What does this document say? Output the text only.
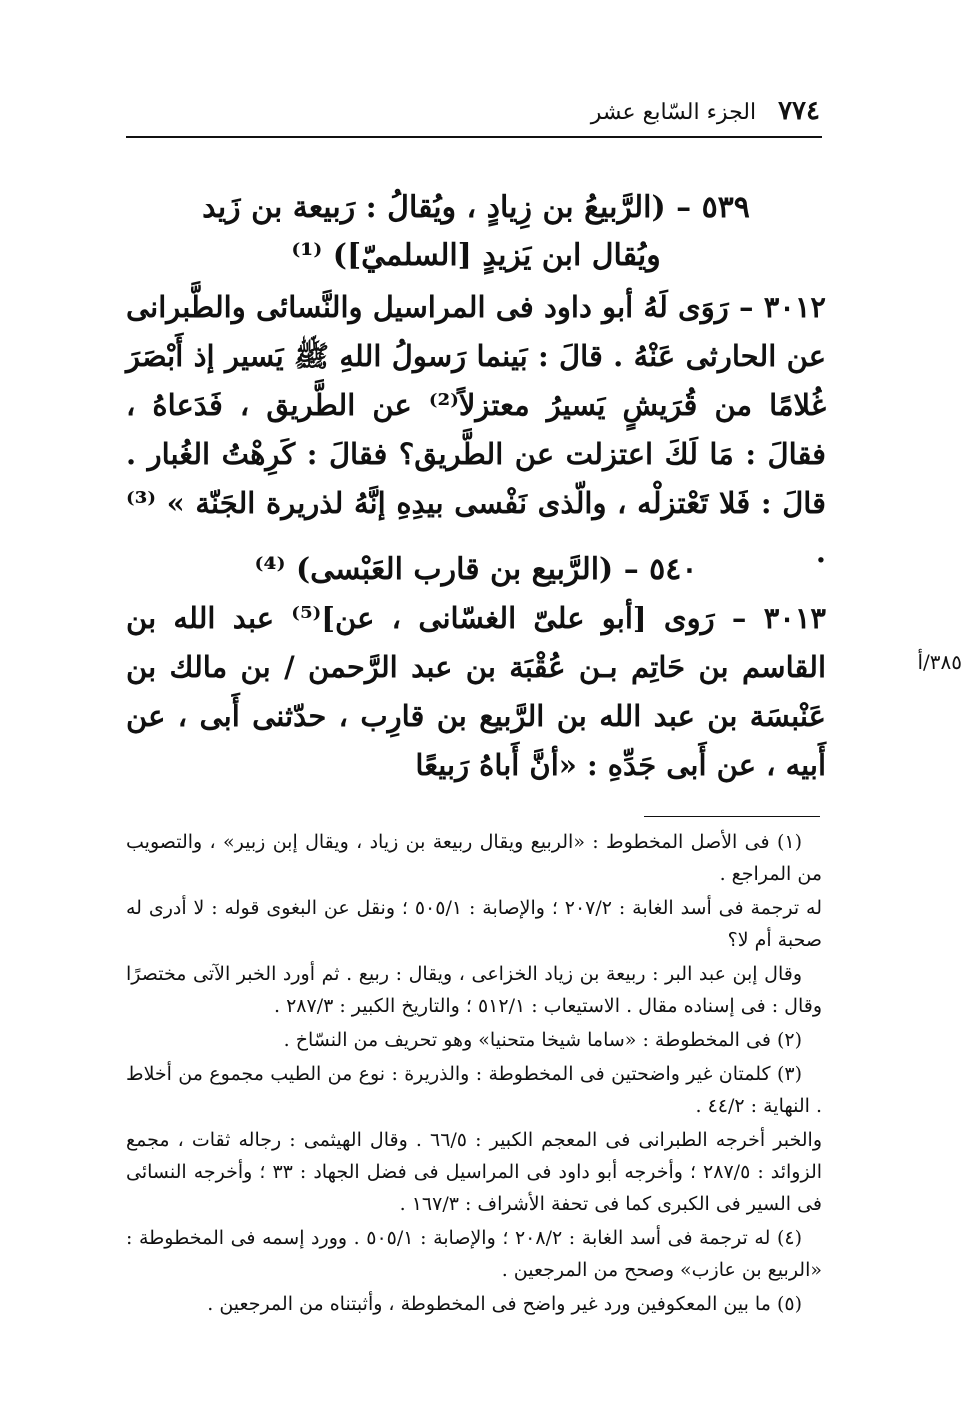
٧٧٤
الجزء السّابع عشر
٥٣٩ – (الرَّبيعُ بن زِيادٍ ، ويُقالُ : رَبيعة بن زَيد
ويُقال ابن يَزيدٍ [السلميّ]) ⁽¹⁾
٣٠١٢ – رَوَى لَهُ أبو داود فى المراسيل والنَّسائى والطَّبرانى عن الحارثى عَنْهُ . قالَ : بَينما رَسولُ اللهِ ﷺ يَسير إذ أَبْصَرَ غُلامًا من قُرَيشٍ يَسيرُ معتزلاً⁽²⁾ عن الطَّريق ، فَدَعاهُ ، فقالَ : مَا لَكَ اعتزلت عن الطَّريق؟ فقالَ : كَرِهْتُ الغُبار . قالَ : فَلا تَعْتزلْه ، والّذى نَفْسى بيدِهِ إنَّهُ لذريرة الجَنّة » ⁽³⁾ .
٥٤٠ – (الرَّبيع بن قارب العَبْسى) ⁽⁴⁾
٣٠١٣ – رَوى [أبو علىّ الغسّانى ، عن]⁽⁵⁾ عبد الله بن القاسم بن حَاتِم بـن عُقْبَة بن عبد الرَّحمن / بن مالك بن عَنْبسَة بن عبد الله بن الرَّبيع بن قارِب ، حدّثنى أَبى ، عن أَبيه ، عن أَبى جَدِّهِ : «أنَّ أَباهُ رَبيعًا
٣٨٥/أ

(١) فى الأصل المخطوط : «الربيع ويقال ربيعة بن زياد ، ويقال إبن زبير» ، والتصويب من المراجع .

له ترجمة فى أسد الغابة : ٢٠٧/٢ ؛ والإصابة : ٥٠٥/١ ؛ ونقل عن البغوى قوله : لا أدرى له صحبة أم لا؟

وقال إبن عبد البر : ربيعة بن زياد الخزاعى ، ويقال : ربيع . ثم أورد الخبر الآتى مختصرًا وقال : فى إسناده مقال . الاستيعاب : ٥١٢/١ ؛ والتاريخ الكبير : ٢٨٧/٣ .

(٢) فى المخطوطة : «ساما شيخا متحنيا» وهو تحريف من النسّاخ .

(٣) كلمتان غير واضحتين فى المخطوطة : والذريرة : نوع من الطيب مجموع من أخلاط . النهاية : ٤٤/٢ .

والخبر أخرجه الطبرانى فى المعجم الكبير : ٦٦/٥ . وقال الهيثمى : رجاله ثقات ، مجمع الزوائد : ٢٨٧/٥ ؛ وأخرجه أبو داود فى المراسيل فى فضل الجهاد : ٣٣ ؛ وأخرجه النسائى فى السير فى الكبرى كما فى تحفة الأشراف : ١٦٧/٣ .

(٤) له ترجمة فى أسد الغابة : ٢٠٨/٢ ؛ والإصابة : ٥٠٥/١ . وورد إسمه فى المخطوطة : «الربيع بن عازب» وصحح من المرجعين .

(٥) ما بين المعكوفين ورد غير واضح فى المخطوطة ، وأثبتناه من المرجعين .
